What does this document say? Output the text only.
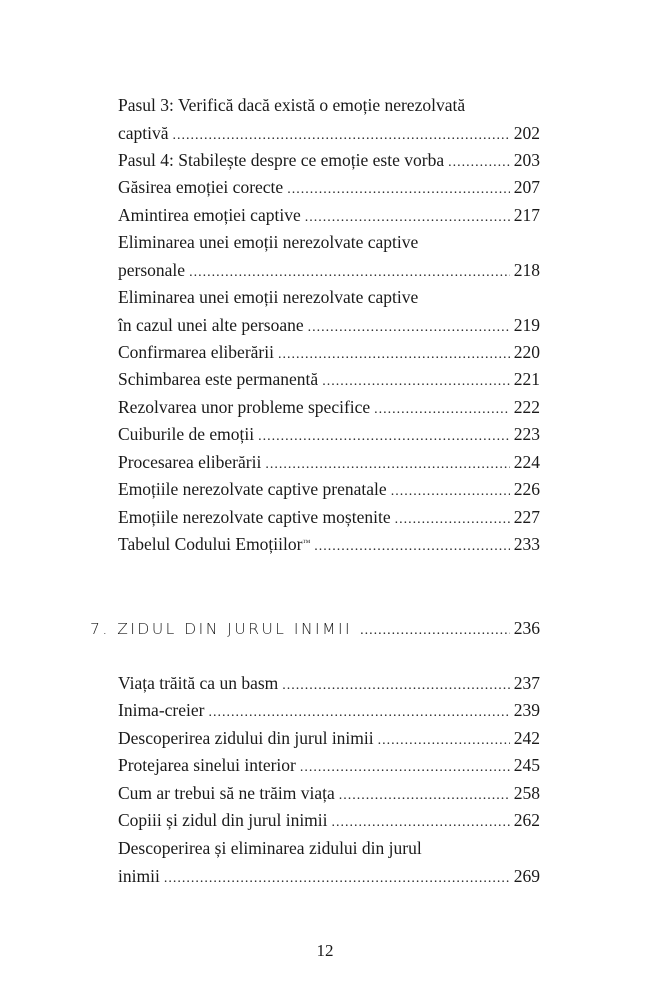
Pasul 3: Verifică dacă există o emoție nerezolvată
captivă .....	202
Pasul 4: Stabilește despre ce emoție este vorba .....	203
Găsirea emoției corecte .....	207
Amintirea emoției captive .....	217
Eliminarea unei emoții nerezolvate captive
personale .....	218
Eliminarea unei emoții nerezolvate captive
în cazul unei alte persoane .....	219
Confirmarea eliberării .....	220
Schimbarea este permanentă .....	221
Rezolvarea unor probleme specifice .....	222
Cuiburile de emoții .....	223
Procesarea eliberării .....	224
Emoțiile nerezolvate captive prenatale .....	226
Emoțiile nerezolvate captive moștenite .....	227
Tabelul Codului Emoțiilor™ .....	233
7. ZIDUL DIN JURUL INIMII .....	236
Viața trăită ca un basm .....	237
Inima-creier .....	239
Descoperirea zidului din jurul inimii .....	242
Protejarea sinelui interior .....	245
Cum ar trebui să ne trăim viața .....	258
Copiii și zidul din jurul inimii .....	262
Descoperirea și eliminarea zidului din jurul
inimii .....	269
12
